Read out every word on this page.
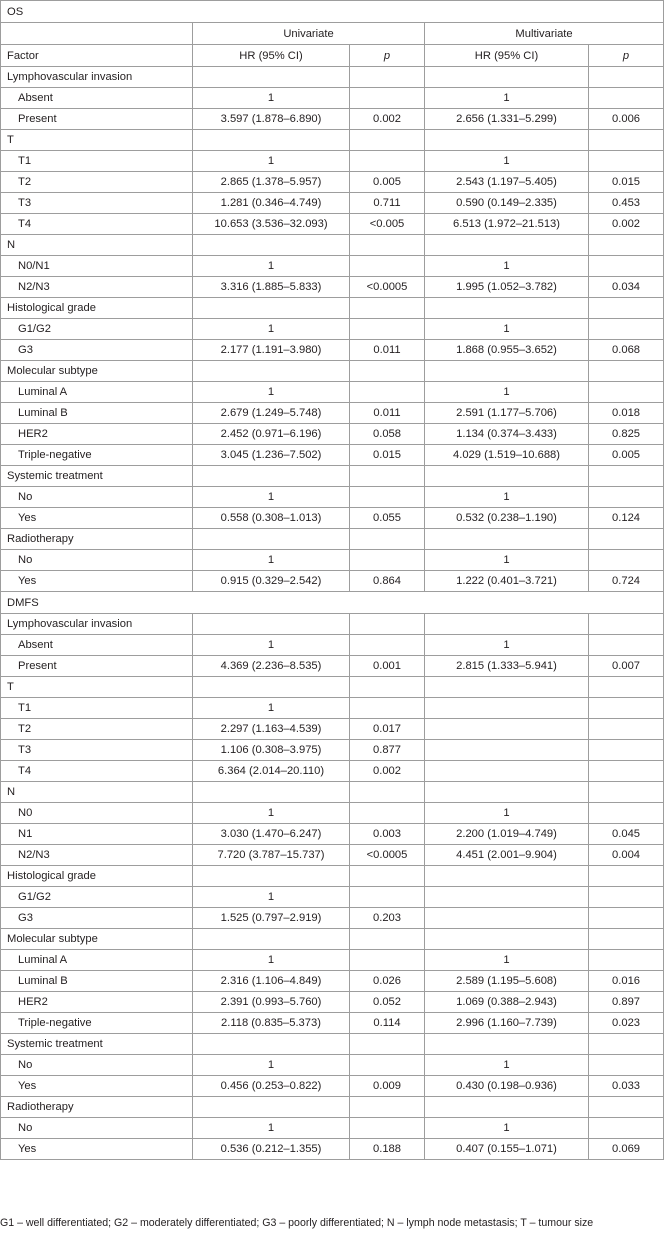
OS				
	Univariate		Multivariate	
Factor	HR (95% CI)	p	HR (95% CI)	p
Lymphovascular invasion				
Absent	1		1	
Present	3.597 (1.878–6.890)	0.002	2.656 (1.331–5.299)	0.006
T				
T1	1		1	
T2	2.865 (1.378–5.957)	0.005	2.543 (1.197–5.405)	0.015
T3	1.281 (0.346–4.749)	0.711	0.590 (0.149–2.335)	0.453
T4	10.653 (3.536–32.093)	<0.005	6.513 (1.972–21.513)	0.002
N				
N0/N1	1		1	
N2/N3	3.316 (1.885–5.833)	<0.0005	1.995 (1.052–3.782)	0.034
Histological grade				
G1/G2	1		1	
G3	2.177 (1.191–3.980)	0.011	1.868 (0.955–3.652)	0.068
Molecular subtype				
Luminal A	1		1	
Luminal B	2.679 (1.249–5.748)	0.011	2.591 (1.177–5.706)	0.018
HER2	2.452 (0.971–6.196)	0.058	1.134 (0.374–3.433)	0.825
Triple-negative	3.045 (1.236–7.502)	0.015	4.029 (1.519–10.688)	0.005
Systemic treatment				
No	1		1	
Yes	0.558 (0.308–1.013)	0.055	0.532 (0.238–1.190)	0.124
Radiotherapy				
No	1		1	
Yes	0.915 (0.329–2.542)	0.864	1.222 (0.401–3.721)	0.724
DMFS				
Lymphovascular invasion				
Absent	1		1	
Present	4.369 (2.236–8.535)	0.001	2.815 (1.333–5.941)	0.007
T				
T1	1			
T2	2.297 (1.163–4.539)	0.017		
T3	1.106 (0.308–3.975)	0.877		
T4	6.364 (2.014–20.110)	0.002		
N				
N0	1		1	
N1	3.030 (1.470–6.247)	0.003	2.200 (1.019–4.749)	0.045
N2/N3	7.720 (3.787–15.737)	<0.0005	4.451 (2.001–9.904)	0.004
Histological grade				
G1/G2	1			
G3	1.525 (0.797–2.919)	0.203		
Molecular subtype				
Luminal A	1		1	
Luminal B	2.316 (1.106–4.849)	0.026	2.589 (1.195–5.608)	0.016
HER2	2.391 (0.993–5.760)	0.052	1.069 (0.388–2.943)	0.897
Triple-negative	2.118 (0.835–5.373)	0.114	2.996 (1.160–7.739)	0.023
Systemic treatment				
No	1		1	
Yes	0.456 (0.253–0.822)	0.009	0.430 (0.198–0.936)	0.033
Radiotherapy				
No	1		1	
Yes	0.536 (0.212–1.355)	0.188	0.407 (0.155–1.071)	0.069
G1 – well differentiated; G2 – moderately differentiated; G3 – poorly differentiated; N – lymph node metastasis; T – tumour size
